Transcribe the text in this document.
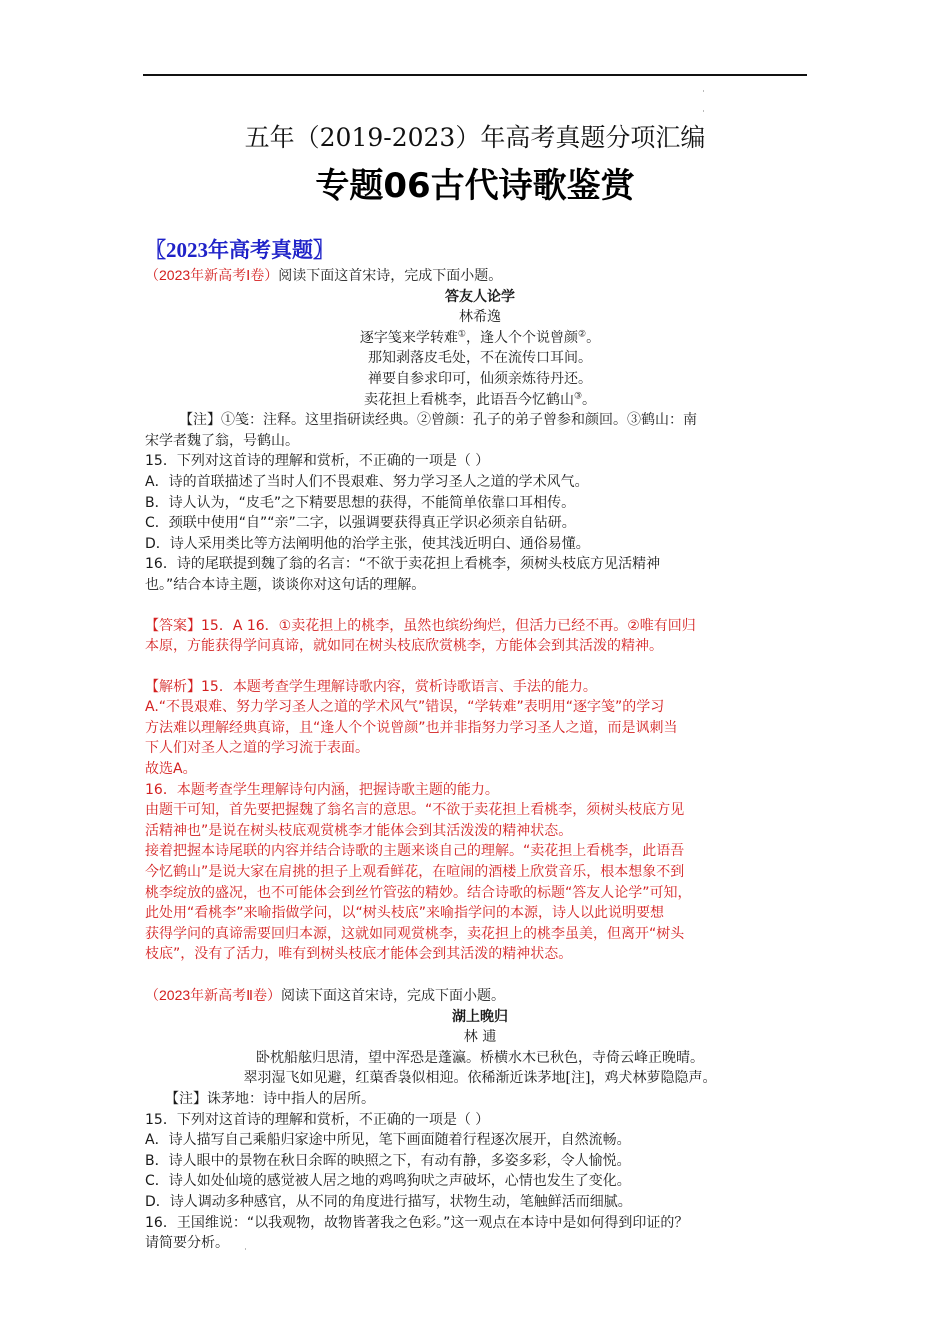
五年（2019-2023）年高考真题分项汇编
专题06古代诗歌鉴赏

〖2023年高考真题〗

（2023年新高考Ⅰ卷）阅读下面这首宋诗，完成下面小题。

答友人论学

林希逸

逐字笺来学转难①，逢人个个说曾颜②。

那知剥落皮毛处，不在流传口耳间。

禅要自参求印可，仙须亲炼待丹还。

卖花担上看桃李，此语吾今忆鹤山③。

【注】①笺：注释。这里指研读经典。②曾颜：孔子的弟子曾参和颜回。③鹤山：南

宋学者魏了翁，号鹤山。

15．下列对这首诗的理解和赏析，不正确的一项是（ ）

A．诗的首联描述了当时人们不畏艰难、努力学习圣人之道的学术风气。

B．诗人认为，“皮毛”之下精要思想的获得，不能简单依靠口耳相传。

C．颈联中使用“自”“亲”二字，以强调要获得真正学识必须亲自钻研。

D．诗人采用类比等方法阐明他的治学主张，使其浅近明白、通俗易懂。

16．诗的尾联提到魏了翁的名言：“不欲于卖花担上看桃李，须树头枝底方见活精神

也。”结合本诗主题，谈谈你对这句话的理解。

【答案】15．A 16．①卖花担上的桃李，虽然也缤纷绚烂，但活力已经不再。②唯有回归

本原，方能获得学问真谛，就如同在树头枝底欣赏桃李，方能体会到其活泼的精神。

【解析】15．本题考查学生理解诗歌内容，赏析诗歌语言、手法的能力。

A.“不畏艰难、努力学习圣人之道的学术风气”错误，“学转难”表明用“逐字笺”的学习

方法难以理解经典真谛，且“逢人个个说曾颜”也并非指努力学习圣人之道，而是讽刺当

下人们对圣人之道的学习流于表面。

故选A。

16．本题考查学生理解诗句内涵，把握诗歌主题的能力。

由题干可知，首先要把握魏了翁名言的意思。“不欲于卖花担上看桃李，须树头枝底方见

活精神也”是说在树头枝底观赏桃李才能体会到其活泼泼的精神状态。

接着把握本诗尾联的内容并结合诗歌的主题来谈自己的理解。“卖花担上看桃李，此语吾

今忆鹤山”是说大家在肩挑的担子上观看鲜花，在喧闹的酒楼上欣赏音乐，根本想象不到

桃李绽放的盛况，也不可能体会到丝竹管弦的精妙。结合诗歌的标题“答友人论学”可知，

此处用“看桃李”来喻指做学问，以“树头枝底”来喻指学问的本源，诗人以此说明要想

获得学问的真谛需要回归本源，这就如同观赏桃李，卖花担上的桃李虽美，但离开“树头

枝底”，没有了活力，唯有到树头枝底才能体会到其活泼的精神状态。

（2023年新高考Ⅱ卷）阅读下面这首宋诗，完成下面小题。

湖上晚归

林 逋

卧枕船舷归思清，望中浑恐是蓬瀛。桥横水木已秋色，寺倚云峰正晚晴。

翠羽湿飞如见避，红蕖香袅似相迎。依稀渐近诛茅地[注]，鸡犬林萝隐隐声。

【注】诛茅地：诗中指人的居所。

15．下列对这首诗的理解和赏析，不正确的一项是（ ）

A．诗人描写自己乘船归家途中所见，笔下画面随着行程逐次展开，自然流畅。

B．诗人眼中的景物在秋日余晖的映照之下，有动有静，多姿多彩，令人愉悦。

C．诗人如处仙境的感觉被人居之地的鸡鸣狗吠之声破坏，心情也发生了变化。

D．诗人调动多种感官，从不同的角度进行描写，状物生动，笔触鲜活而细腻。

16．王国维说：“以我观物，故物皆著我之色彩。”这一观点在本诗中是如何得到印证的？

请简要分析。
